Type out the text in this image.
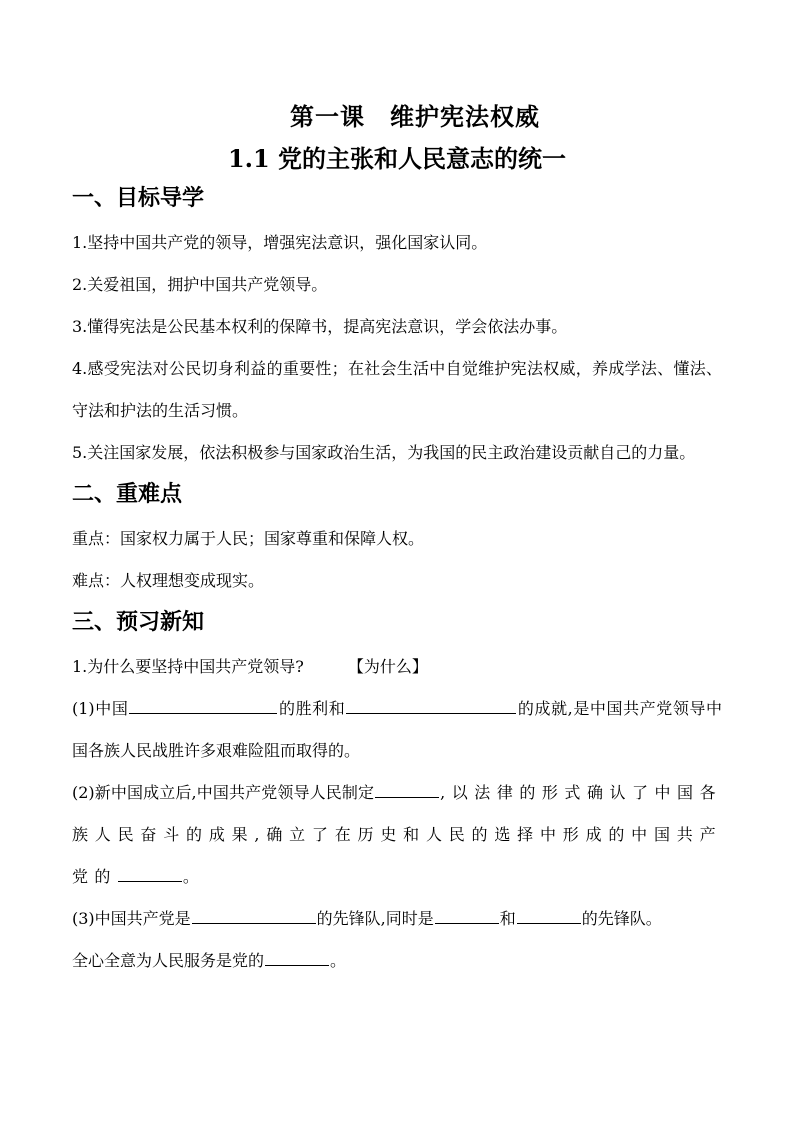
第一课　维护宪法权威
1.1 党的主张和人民意志的统一
一、目标导学

1.坚持中国共产党的领导，增强宪法意识，强化国家认同。

2.关爱祖国，拥护中国共产党领导。

3.懂得宪法是公民基本权利的保障书，提高宪法意识，学会依法办事。

4.感受宪法对公民切身利益的重要性；在社会生活中自觉维护宪法权威，养成学法、懂法、守法和护法的生活习惯。

5.关注国家发展，依法积极参与国家政治生活，为我国的民主政治建设贡献自己的力量。

二、重难点

重点：国家权力属于人民；国家尊重和保障人权。

难点：人权理想变成现实。

三、预习新知

1.为什么要坚持中国共产党领导?	【为什么】

(1)中国	的胜利和	的成就,是中国共产党领导中国各族人民战胜许多艰难险阻而取得的。

(2)新中国成立后,中国共产党领导人民制定	,以法律的形式确认了中国各族人民奋斗的成果,确立了在历史和人民的选择中形成的中国共产党的	。

(3)中国共产党是	的先锋队,同时是	和	的先锋队。

全心全意为人民服务是党的	。
